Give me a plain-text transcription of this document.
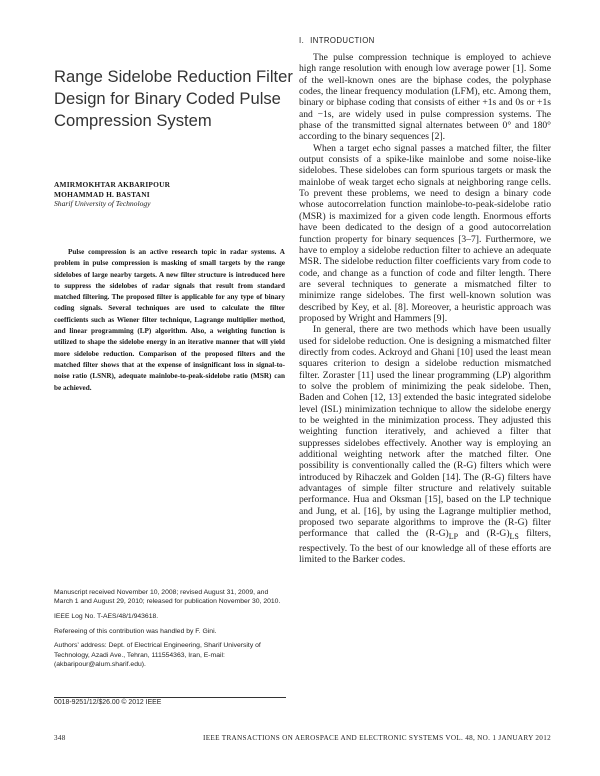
Range Sidelobe Reduction Filter Design for Binary Coded Pulse Compression System
AMIRMOKHTAR AKBARIPOUR
MOHAMMAD H. BASTANI
Sharif University of Technology

Pulse compression is an active research topic in radar systems. A problem in pulse compression is masking of small targets by the range sidelobes of large nearby targets. A new filter structure is introduced here to suppress the sidelobes of radar signals that result from standard matched filtering. The proposed filter is applicable for any type of binary coding signals. Several techniques are used to calculate the filter coefficients such as Wiener filter technique, Lagrange multiplier method, and linear programming (LP) algorithm. Also, a weighting function is utilized to shape the sidelobe energy in an iterative manner that will yield more sidelobe reduction. Comparison of the proposed filters and the matched filter shows that at the expense of insignificant loss in signal-to-noise ratio (LSNR), adequate mainlobe-to-peak-sidelobe ratio (MSR) can be achieved.

Manuscript received November 10, 2008; revised August 31, 2009, and March 1 and August 29, 2010; released for publication November 30, 2010.

IEEE Log No. T-AES/48/1/943618.

Refereeing of this contribution was handled by F. Gini.

Authors’ address: Dept. of Electrical Engineering, Sharif University of Technology, Azadi Ave., Tehran, 111554363, Iran, E-mail: (akbaripour@alum.sharif.edu).

0018-9251/12/$26.00 © 2012 IEEE
I. INTRODUCTION

The pulse compression technique is employed to achieve high range resolution with enough low average power [1]. Some of the well-known ones are the biphase codes, the polyphase codes, the linear frequency modulation (LFM), etc. Among them, binary or biphase coding that consists of either +1s and 0s or +1s and −1s, are widely used in pulse compression systems. The phase of the transmitted signal alternates between 0° and 180° according to the binary sequences [2].

When a target echo signal passes a matched filter, the filter output consists of a spike-like mainlobe and some noise-like sidelobes. These sidelobes can form spurious targets or mask the mainlobe of weak target echo signals at neighboring range cells. To prevent these problems, we need to design a binary code whose autocorrelation function mainlobe-to-peak-sidelobe ratio (MSR) is maximized for a given code length. Enormous efforts have been dedicated to the design of a good autocorrelation function property for binary sequences [3–7]. Furthermore, we have to employ a sidelobe reduction filter to achieve an adequate MSR. The sidelobe reduction filter coefficients vary from code to code, and change as a function of code and filter length. There are several techniques to generate a mismatched filter to minimize range sidelobes. The first well-known solution was described by Key, et al. [8]. Moreover, a heuristic approach was proposed by Wright and Hammers [9].

In general, there are two methods which have been usually used for sidelobe reduction. One is designing a mismatched filter directly from codes. Ackroyd and Ghani [10] used the least mean squares criterion to design a sidelobe reduction mismatched filter. Zoraster [11] used the linear programming (LP) algorithm to solve the problem of minimizing the peak sidelobe. Then, Baden and Cohen [12, 13] extended the basic integrated sidelobe level (ISL) minimization technique to allow the sidelobe energy to be weighted in the minimization process. They adjusted this weighting function iteratively, and achieved a filter that suppresses sidelobes effectively. Another way is employing an additional weighting network after the matched filter. One possibility is conventionally called the (R-G) filters which were introduced by Rihaczek and Golden [14]. The (R-G) filters have advantages of simple filter structure and relatively suitable performance. Hua and Oksman [15], based on the LP technique and Jung, et al. [16], by using the Lagrange multiplier method, proposed two separate algorithms to improve the (R-G) filter performance that called the $(R-G)_{LP}$ and $(R-G)_{LS}$ filters, respectively. To the best of our knowledge all of these efforts are limited to the Barker codes.

348	IEEE TRANSACTIONS ON AEROSPACE AND ELECTRONIC SYSTEMS VOL. 48, NO. 1 JANUARY 2012
